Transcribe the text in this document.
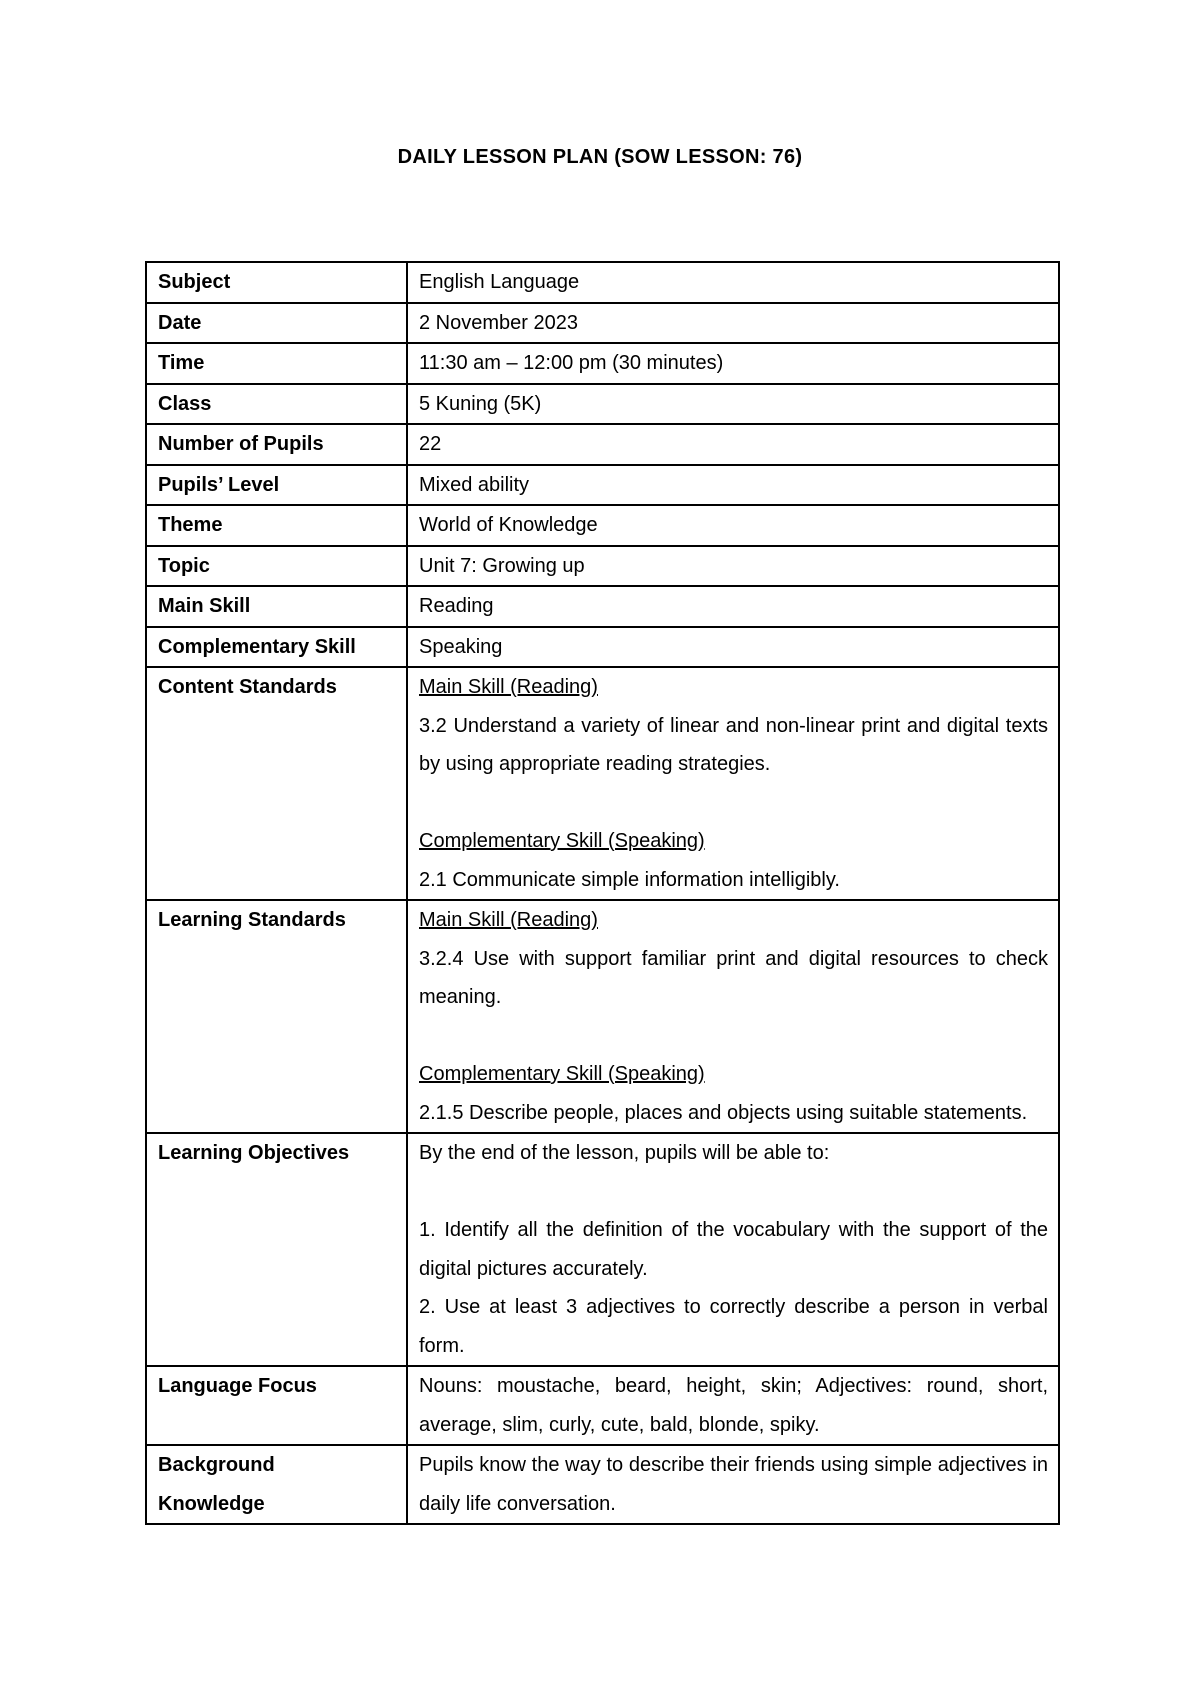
DAILY LESSON PLAN (SOW LESSON: 76)
Subject	English Language
Date	2 November 2023
Time	11:30 am – 12:00 pm (30 minutes)
Class	5 Kuning (5K)
Number of Pupils	22
Pupils’ Level	Mixed ability
Theme	World of Knowledge
Topic	Unit 7: Growing up
Main Skill	Reading
Complementary Skill	Speaking
Content Standards	Main Skill (Reading)
3.2 Understand a variety of linear and non-linear print and digital texts by using appropriate reading strategies.
Complementary Skill (Speaking)
2.1 Communicate simple information intelligibly.

Learning Standards	Main Skill (Reading)
3.2.4 Use with support familiar print and digital resources to check meaning.
Complementary Skill (Speaking)
2.1.5 Describe people, places and objects using suitable statements.

Learning Objectives	By the end of the lesson, pupils will be able to:
1. Identify all the definition of the vocabulary with the support of the digital pictures accurately.
2. Use at least 3 adjectives to correctly describe a person in verbal form.

Language Focus	Nouns: moustache, beard, height, skin; Adjectives: round, short, average, slim, curly, cute, bald, blonde, spiky.

Background
Knowledge	Pupils know the way to describe their friends using simple adjectives in daily life conversation.
